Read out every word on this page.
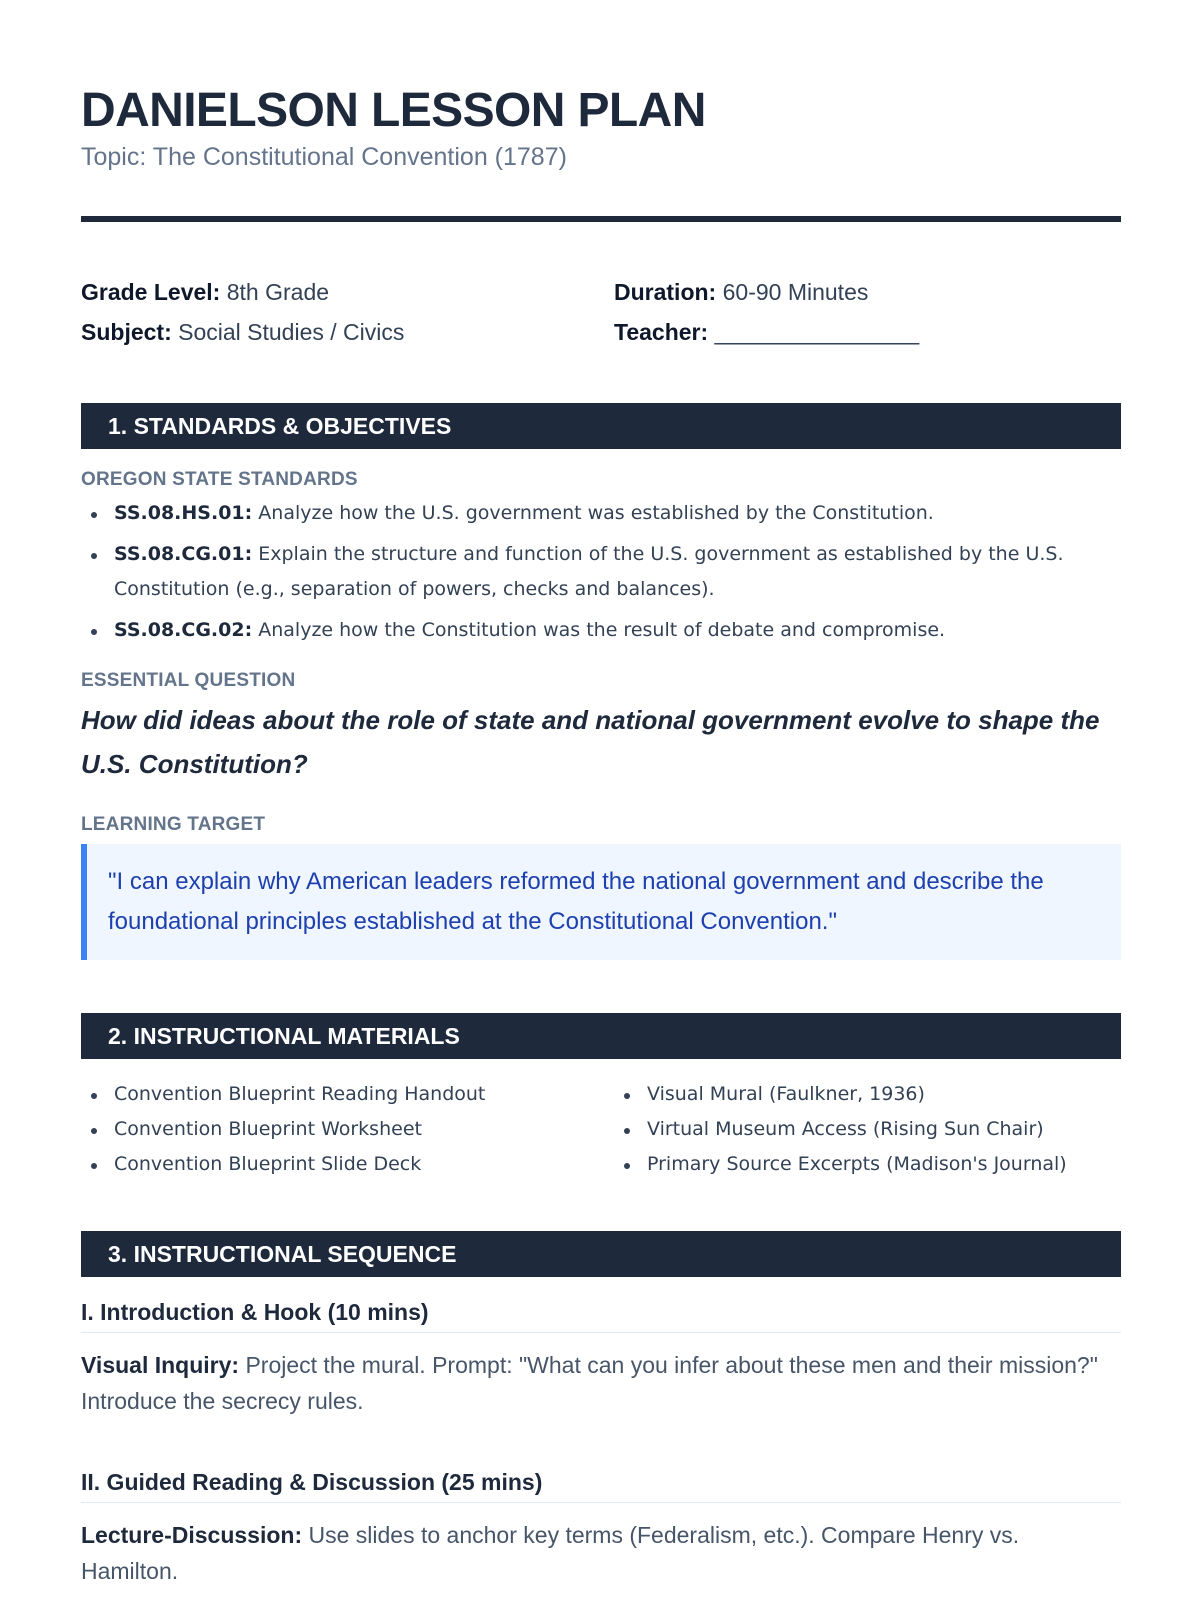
DANIELSON LESSON PLAN
Topic: The Constitutional Convention (1787)
Grade Level: 8th Grade
Subject: Social Studies / Civics
Duration: 60-90 Minutes
Teacher: ________________
1. STANDARDS & OBJECTIVES
OREGON STATE STANDARDS
SS.08.HS.01: Analyze how the U.S. government was established by the Constitution.
SS.08.CG.01: Explain the structure and function of the U.S. government as established by the U.S. Constitution (e.g., separation of powers, checks and balances).
SS.08.CG.02: Analyze how the Constitution was the result of debate and compromise.
ESSENTIAL QUESTION
How did ideas about the role of state and national government evolve to shape the U.S. Constitution?
LEARNING TARGET
"I can explain why American leaders reformed the national government and describe the foundational principles established at the Constitutional Convention."
2. INSTRUCTIONAL MATERIALS
Convention Blueprint Reading Handout
Convention Blueprint Worksheet
Convention Blueprint Slide Deck
Visual Mural (Faulkner, 1936)
Virtual Museum Access (Rising Sun Chair)
Primary Source Excerpts (Madison's Journal)
3. INSTRUCTIONAL SEQUENCE
I. Introduction & Hook (10 mins)
Visual Inquiry: Project the mural. Prompt: "What can you infer about these men and their mission?" Introduce the secrecy rules.
II. Guided Reading & Discussion (25 mins)
Lecture-Discussion: Use slides to anchor key terms (Federalism, etc.). Compare Henry vs. Hamilton.
